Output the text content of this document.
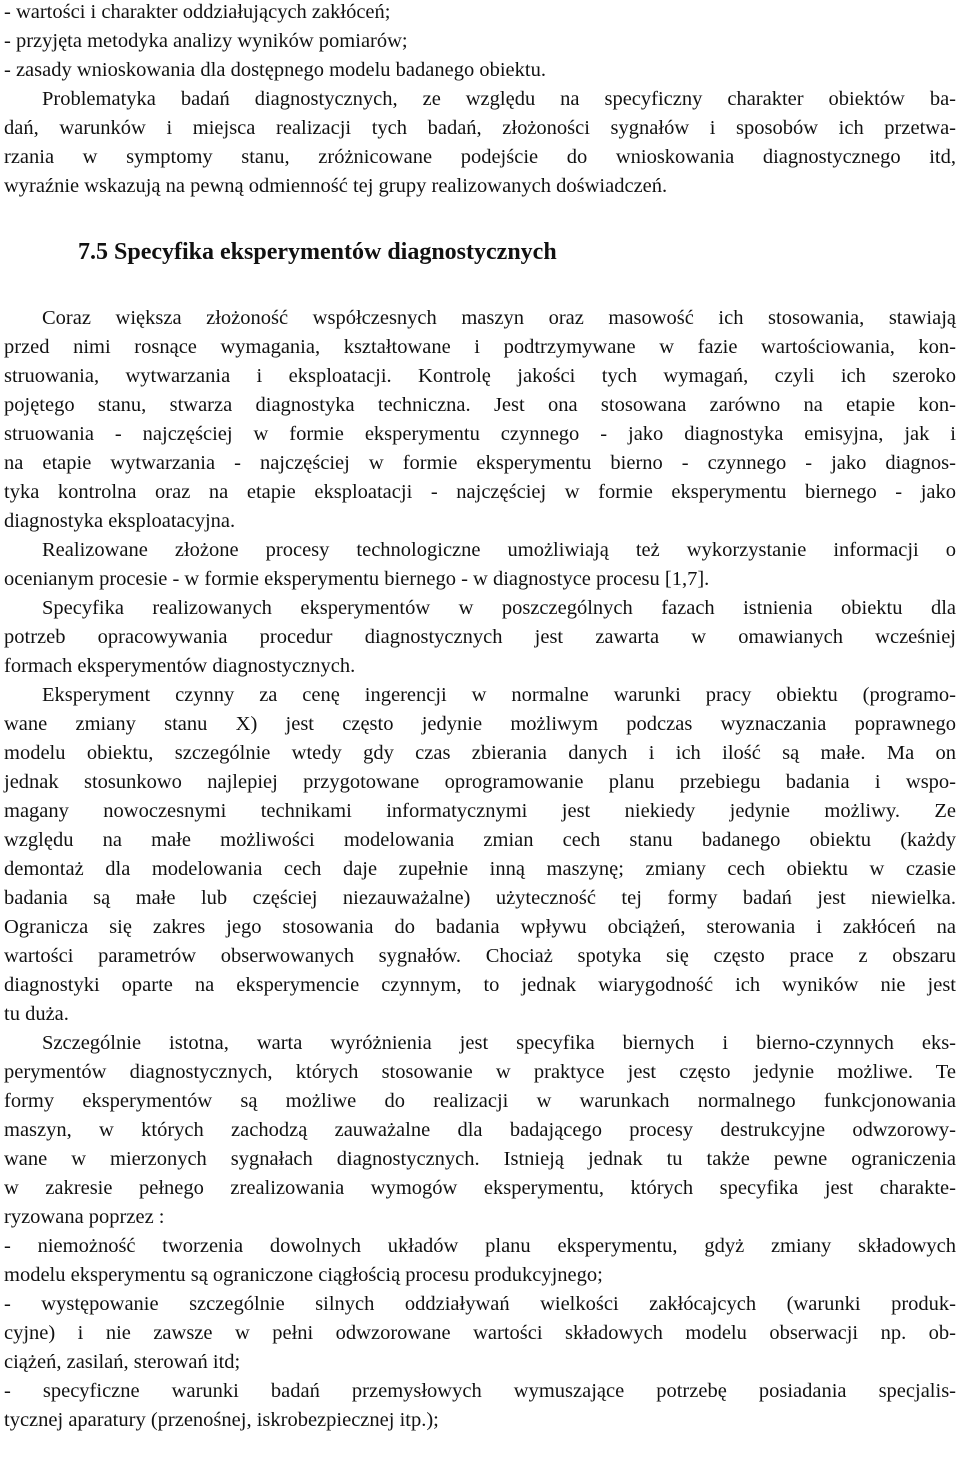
- wartości i charakter oddziałujących zakłóceń;
- przyjęta metodyka analizy wyników pomiarów;
- zasady wnioskowania dla dostępnego modelu badanego obiektu.
Problematyka badań diagnostycznych, ze względu na specyficzny charakter obiektów ba-
dań, warunków i miejsca realizacji tych badań, złożoności sygnałów i sposobów ich przetwa-
rzania w symptomy stanu, zróżnicowane podejście do wnioskowania diagnostycznego itd,
wyraźnie wskazują na pewną odmienność tej grupy realizowanych doświadczeń.
7.5 Specyfika eksperymentów diagnostycznych
Coraz większa złożoność współczesnych maszyn oraz masowość ich stosowania, stawiają
przed nimi rosnące wymagania, kształtowane i podtrzymywane w fazie wartościowania, kon-
struowania, wytwarzania i eksploatacji. Kontrolę jakości tych wymagań, czyli ich szeroko
pojętego stanu, stwarza diagnostyka techniczna. Jest ona stosowana zarówno na etapie kon-
struowania - najczęściej w formie eksperymentu czynnego - jako diagnostyka emisyjna, jak i
na etapie wytwarzania - najczęściej w formie eksperymentu bierno - czynnego - jako diagnos-
tyka kontrolna oraz na etapie eksploatacji - najczęściej w formie eksperymentu biernego - jako
diagnostyka eksploatacyjna.
Realizowane złożone procesy technologiczne umożliwiają też wykorzystanie informacji o
ocenianym procesie - w formie eksperymentu biernego - w diagnostyce procesu [1,7].
Specyfika realizowanych eksperymentów w poszczególnych fazach istnienia obiektu dla
potrzeb opracowywania procedur diagnostycznych jest zawarta w omawianych wcześniej
formach eksperymentów diagnostycznych.
Eksperyment czynny za cenę ingerencji w normalne warunki pracy obiektu (programo-
wane zmiany stanu X) jest często jedynie możliwym podczas wyznaczania poprawnego
modelu obiektu, szczególnie wtedy gdy czas zbierania danych i ich ilość są małe. Ma on
jednak stosunkowo najlepiej przygotowane oprogramowanie planu przebiegu badania i wspo-
magany nowoczesnymi technikami informatycznymi jest niekiedy jedynie możliwy. Ze
względu na małe możliwości modelowania zmian cech stanu badanego obiektu (każdy
demontaż dla modelowania cech daje zupełnie inną maszynę; zmiany cech obiektu w czasie
badania są małe lub częściej niezauważalne) użyteczność tej formy badań jest niewielka.
Ogranicza się zakres jego stosowania do badania wpływu obciążeń, sterowania i zakłóceń na
wartości parametrów obserwowanych sygnałów. Chociaż spotyka się często prace z obszaru
diagnostyki oparte na eksperymencie czynnym, to jednak wiarygodność ich wyników nie jest
tu duża.
Szczególnie istotna, warta wyróżnienia jest specyfika biernych i bierno-czynnych eks-
perymentów diagnostycznych, których stosowanie w praktyce jest często jedynie możliwe. Te
formy eksperymentów są możliwe do realizacji w warunkach normalnego funkcjonowania
maszyn, w których zachodzą zauważalne dla badającego procesy destrukcyjne odwzorowy-
wane w mierzonych sygnałach diagnostycznych. Istnieją jednak tu także pewne ograniczenia
w zakresie pełnego zrealizowania wymogów eksperymentu, których specyfika jest charakte-
ryzowana poprzez :
- niemożność tworzenia dowolnych układów planu eksperymentu, gdyż zmiany składowych
modelu eksperymentu są ograniczone ciągłością procesu produkcyjnego;
- występowanie szczególnie silnych oddziaływań wielkości zakłócajcych (warunki produk-
cyjne) i nie zawsze w pełni odwzorowane wartości składowych modelu obserwacji np. ob-
ciążeń, zasilań, sterowań itd;
- specyficzne warunki badań przemysłowych wymuszające potrzebę posiadania specjalis-
tycznej aparatury (przenośnej, iskrobezpiecznej itp.);
